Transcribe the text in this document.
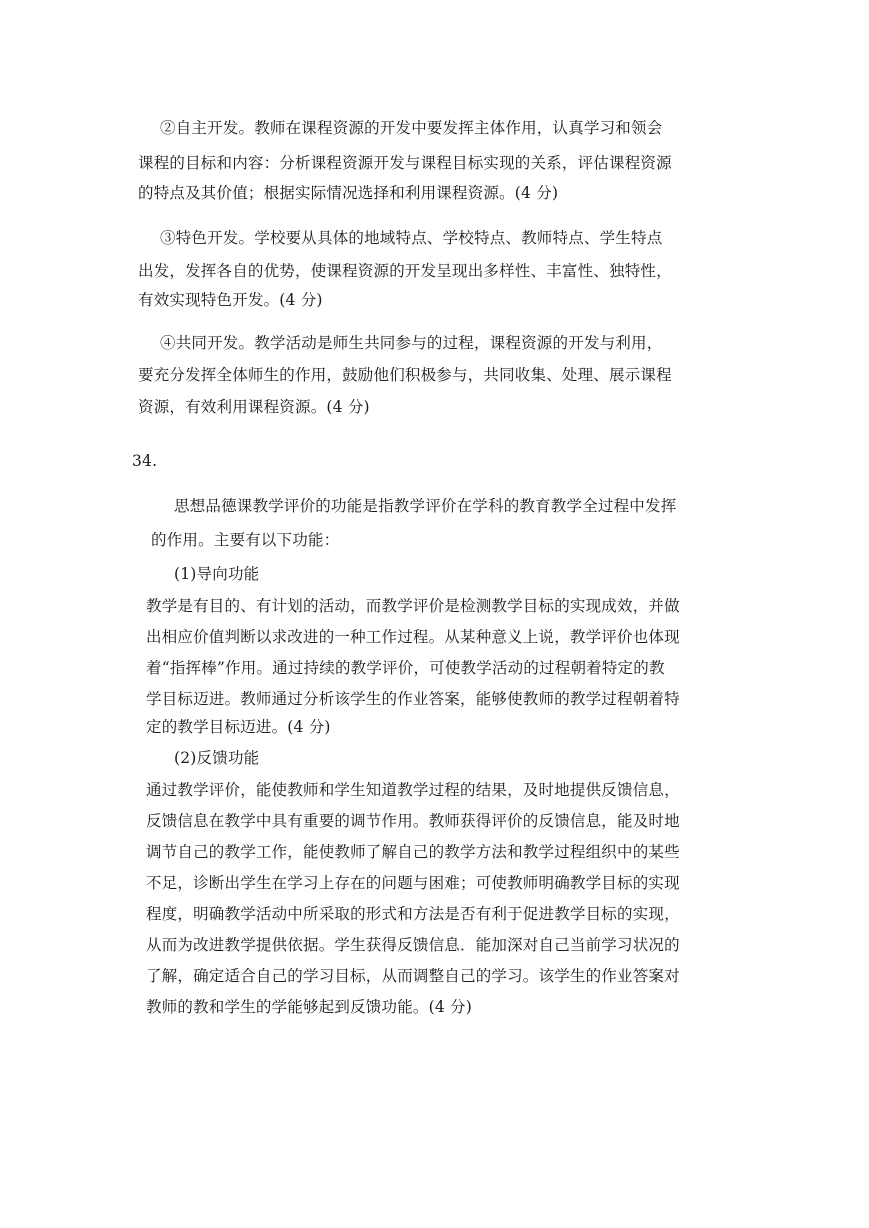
②自主开发。教师在课程资源的开发中要发挥主体作用，认真学习和领会
课程的目标和内容：分析课程资源开发与课程目标实现的关系，评估课程资源
的特点及其价值；根据实际情况选择和利用课程资源。(4 分)
③特色开发。学校要从具体的地域特点、学校特点、教师特点、学生特点
出发，发挥各自的优势，使课程资源的开发呈现出多样性、丰富性、独特性，
有效实现特色开发。(4 分)
④共同开发。教学活动是师生共同参与的过程，课程资源的开发与利用，
要充分发挥全体师生的作用，鼓励他们积极参与，共同收集、处理、展示课程
资源，有效利用课程资源。(4 分)
34.
思想品德课教学评价的功能是指教学评价在学科的教育教学全过程中发挥
的作用。主要有以下功能：
(1)导向功能
教学是有目的、有计划的活动，而教学评价是检测教学目标的实现成效，并做
出相应价值判断以求改进的一种工作过程。从某种意义上说，教学评价也体现
着“指挥棒”作用。通过持续的教学评价，可使教学活动的过程朝着特定的教
学目标迈进。教师通过分析该学生的作业答案，能够使教师的教学过程朝着特
定的教学目标迈进。(4 分)
(2)反馈功能
通过教学评价，能使教师和学生知道教学过程的结果，及时地提供反馈信息，
反馈信息在教学中具有重要的调节作用。教师获得评价的反馈信息，能及时地
调节自己的教学工作，能使教师了解自己的教学方法和教学过程组织中的某些
不足，诊断出学生在学习上存在的问题与困难；可使教师明确教学目标的实现
程度，明确教学活动中所采取的形式和方法是否有利于促进教学目标的实现，
从而为改进教学提供依据。学生获得反馈信息．能加深对自己当前学习状况的
了解，确定适合自己的学习目标，从而调整自己的学习。该学生的作业答案对
教师的教和学生的学能够起到反馈功能。(4 分)
